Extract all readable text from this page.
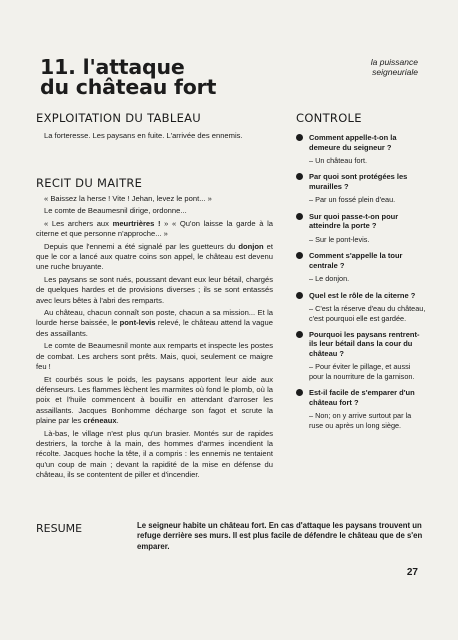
11. l'attaque
du château fort
la puissance
seigneuriale
EXPLOITATION DU TABLEAU

La forteresse. Les paysans en fuite. L'arrivée des ennemis.

RECIT DU MAITRE

« Baissez la herse ! Vite ! Jehan, levez le pont... »

Le comte de Beaumesnil dirige, ordonne...

« Les archers aux meurtrières ! » « Qu'on laisse la garde à la citerne et que personne n'approche... »

Depuis que l'ennemi a été signalé par les guetteurs du donjon et que le cor a lancé aux quatre coins son appel, le château est devenu une ruche bruyante.

Les paysans se sont rués, poussant devant eux leur bétail, chargés de quelques hardes et de provisions diverses ; ils se sont entassés avec leurs bêtes à l'abri des remparts.

Au château, chacun connaît son poste, chacun a sa mission... Et la lourde herse baissée, le pont-levis relevé, le château attend la vague des assaillants.

Le comte de Beaumesnil monte aux remparts et inspecte les postes de combat. Les archers sont prêts. Mais, quoi, seulement ce maigre feu !

Et courbés sous le poids, les paysans apportent leur aide aux défenseurs. Les flammes lèchent les marmites où fond le plomb, où la poix et l'huile commencent à bouillir en attendant d'arroser les assaillants. Jacques Bonhomme décharge son fagot et scrute la plaine par les créneaux.

Là-bas, le village n'est plus qu'un brasier. Montés sur de rapides destriers, la torche à la main, des hommes d'armes incendient la récolte. Jacques hoche la tête, il a compris : les ennemis ne tentaient qu'un coup de main ; devant la rapidité de la mise en défense du château, ils se contentent de piller et d'incendier.

CONTROLE
Comment appelle-t-on la demeure du seigneur ?
– Un château fort.
Par quoi sont protégées les murailles ?
– Par un fossé plein d'eau.
Sur quoi passe-t-on pour atteindre la porte ?
– Sur le pont-levis.
Comment s'appelle la tour centrale ?
– Le donjon.
Quel est le rôle de la citerne ?
– C'est la réserve d'eau du château, c'est pourquoi elle est gardée.
Pourquoi les paysans rentrent-ils leur bétail dans la cour du château ?
– Pour éviter le pillage, et aussi pour la nourriture de la garnison.
Est-il facile de s'emparer d'un château fort ?
– Non; on y arrive surtout par la ruse ou après un long siège.
RESUME	Le seigneur habite un château fort. En cas d'attaque les paysans trouvent un refuge derrière ses murs. Il est plus facile de défendre le château que de s'en emparer.
27
